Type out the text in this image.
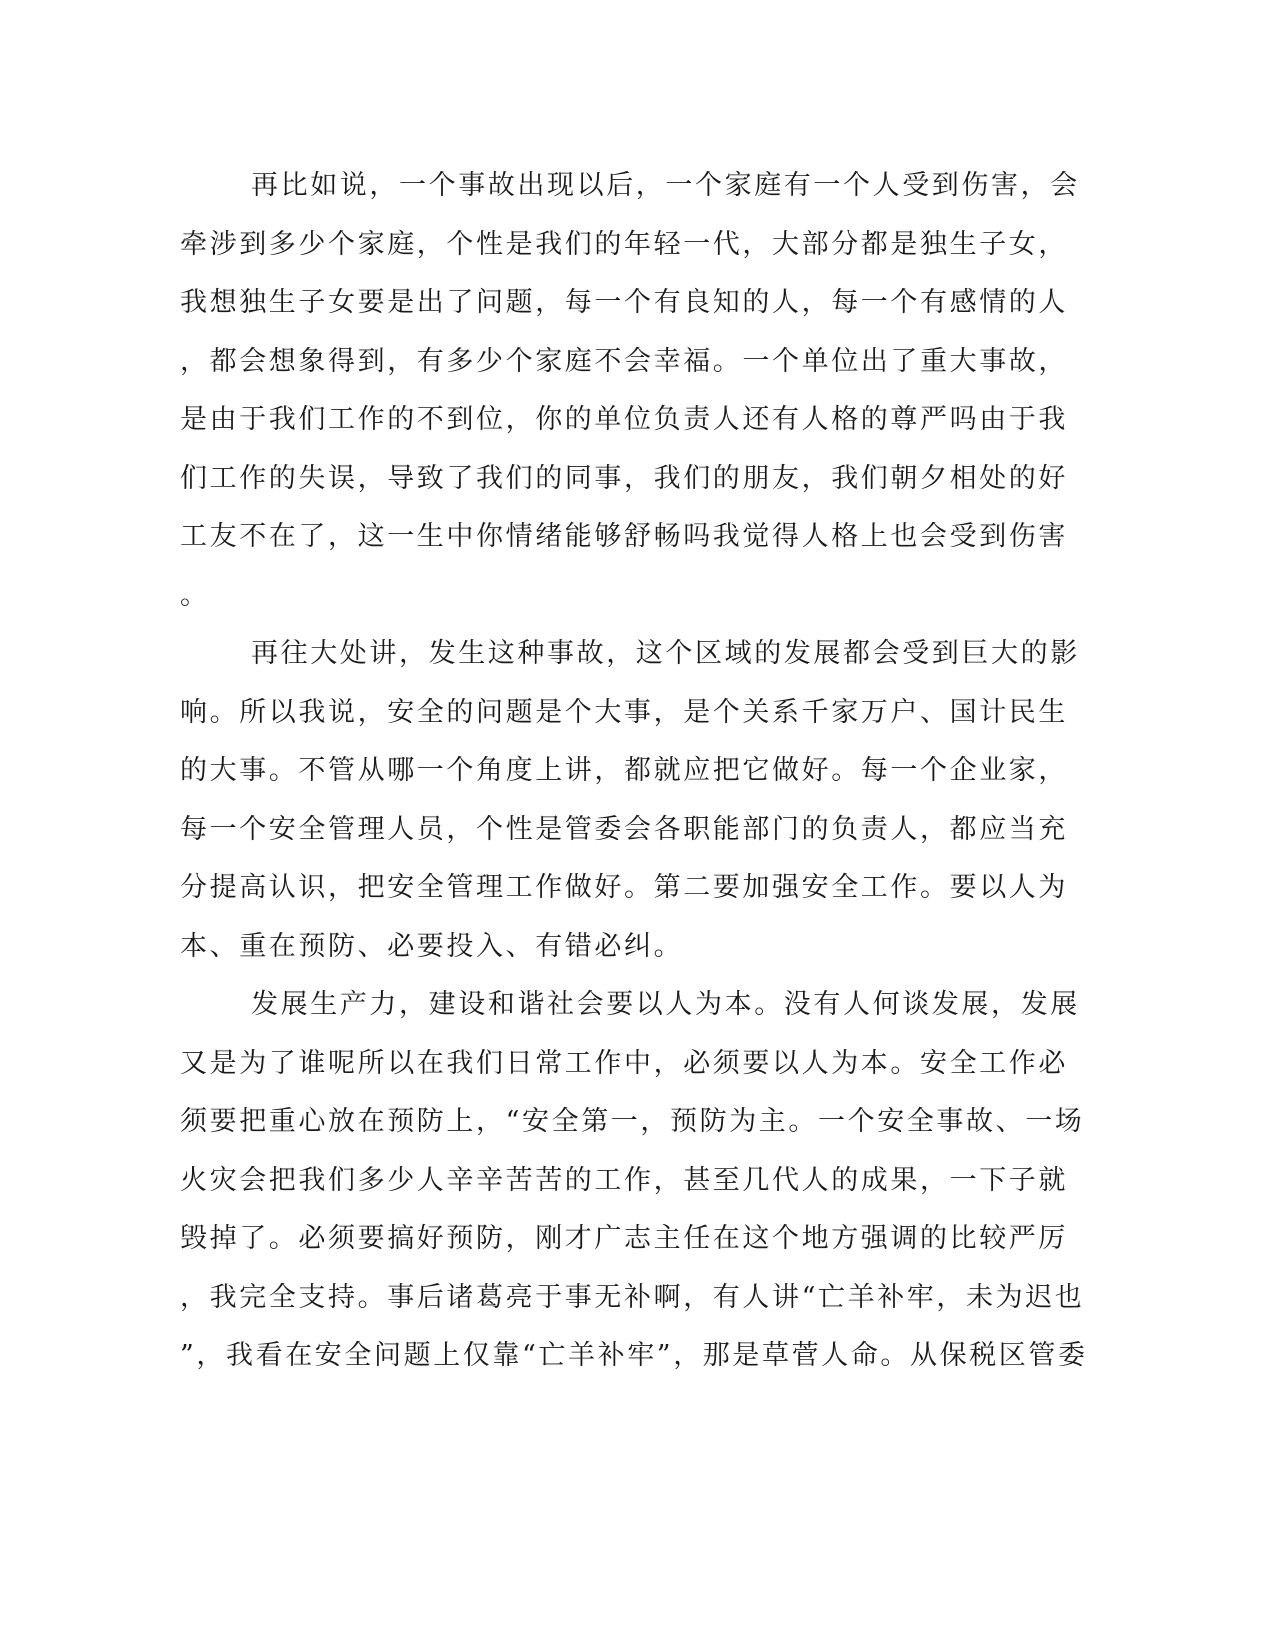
再比如说，一个事故出现以后，一个家庭有一个人受到伤害，会
牵涉到多少个家庭，个性是我们的年轻一代，大部分都是独生子女，
我想独生子女要是出了问题，每一个有良知的人，每一个有感情的人
，都会想象得到，有多少个家庭不会幸福。一个单位出了重大事故，
是由于我们工作的不到位，你的单位负责人还有人格的尊严吗由于我
们工作的失误，导致了我们的同事，我们的朋友，我们朝夕相处的好
工友不在了，这一生中你情绪能够舒畅吗我觉得人格上也会受到伤害
。
再往大处讲，发生这种事故，这个区域的发展都会受到巨大的影
响。所以我说，安全的问题是个大事，是个关系千家万户、国计民生
的大事。不管从哪一个角度上讲，都就应把它做好。每一个企业家，
每一个安全管理人员，个性是管委会各职能部门的负责人，都应当充
分提高认识，把安全管理工作做好。第二要加强安全工作。要以人为
本、重在预防、必要投入、有错必纠。
发展生产力，建设和谐社会要以人为本。没有人何谈发展，发展
又是为了谁呢所以在我们日常工作中，必须要以人为本。安全工作必
须要把重心放在预防上，“安全第一，预防为主。一个安全事故、一场
火灾会把我们多少人辛辛苦苦的工作，甚至几代人的成果，一下子就
毁掉了。必须要搞好预防，刚才广志主任在这个地方强调的比较严厉
，我完全支持。事后诸葛亮于事无补啊，有人讲“亡羊补牢，未为迟也
”，我看在安全问题上仅靠“亡羊补牢”，那是草菅人命。从保税区管委
